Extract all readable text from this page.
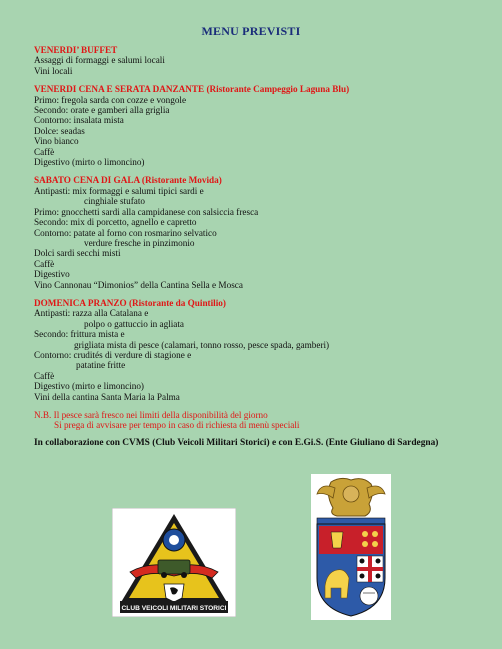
MENU PREVISTI
VENERDI’ BUFFET
Assaggi di formaggi e salumi locali
Vini locali
VENERDI CENA E SERATA DANZANTE (Ristorante Campeggio Laguna Blu)
Primo: fregola sarda con cozze e vongole
Secondo: orate e gamberi alla griglia
Contorno: insalata mista
Dolce: seadas
Vino bianco
Caffè
Digestivo (mirto o limoncino)
SABATO CENA DI GALA (Ristorante Movida)
Antipasti: mix formaggi e salumi tipici sardi e
cinghiale stufato
Primo: gnocchetti sardi alla campidanese con salsiccia fresca
Secondo: mix di porcetto, agnello e capretto
Contorno: patate al forno con rosmarino selvatico
verdure fresche in pinzimonio
Dolci sardi secchi misti
Caffè
Digestivo
Vino Cannonau “Dimonios” della Cantina Sella e Mosca
DOMENICA PRANZO (Ristorante da Quintilio)
Antipasti: razza alla Catalana e
polpo o gattuccio in agliata
Secondo: frittura mista e
grigliata mista di pesce (calamari, tonno rosso, pesce spada, gamberi)
Contorno: crudités di verdure di stagione e
patatine fritte
Caffè
Digestivo (mirto e limoncino)
Vini della cantina Santa Maria la Palma
N.B. Il pesce sarà fresco nei limiti della disponibilità del giorno
Si prega di avvisare per tempo in caso di richiesta di menù speciali
In collaborazione con CVMS (Club Veicoli Militari Storici) e con E.Gi.S. (Ente Giuliano di Sardegna)
CLUB VEICOLI MILITARI STORICI
